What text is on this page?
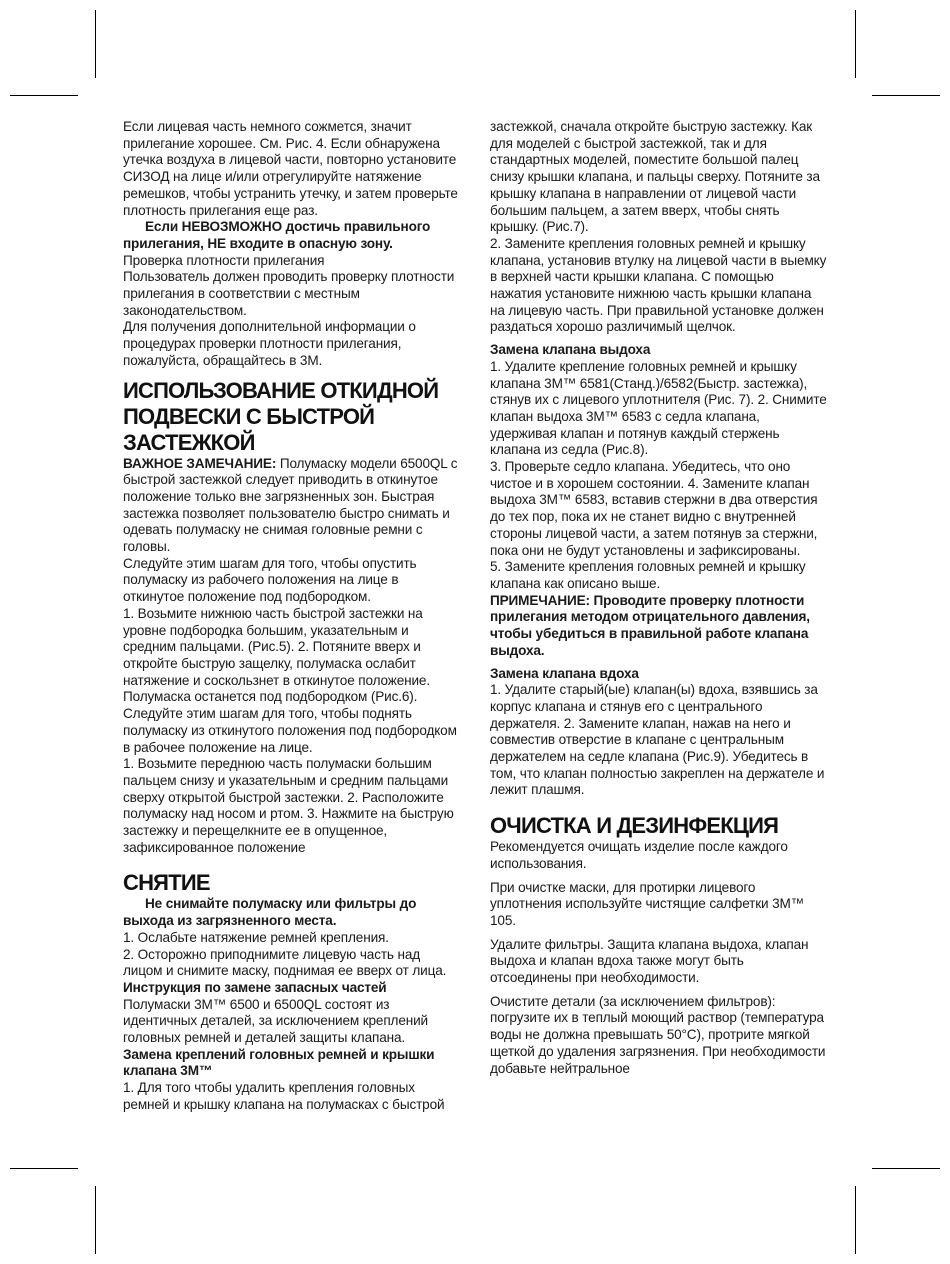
Если лицевая часть немного сожмется, значит прилегание хорошее. См. Рис. 4. Если обнаружена утечка воздуха в лицевой части, повторно установите СИЗОД на лице и/или отрегулируйте натяжение ремешков, чтобы устранить утечку, и затем проверьте плотность прилегания еще раз.

Если НЕВОЗМОЖНО достичь правильного прилегания, НЕ входите в опасную зону.

Проверка плотности прилегания

Пользователь должен проводить проверку плотности прилегания в соответствии с местным законодательством.

Для получения дополнительной информации о процедурах проверки плотности прилегания, пожалуйста, обращайтесь в 3М.

ИСПОЛЬЗОВАНИЕ ОТКИДНОЙ ПОДВЕСКИ С БЫСТРОЙ ЗАСТЕЖКОЙ

ВАЖНОЕ ЗАМЕЧАНИЕ: Полумаску модели 6500QL с быстрой застежкой следует приводить в откинутое положение только вне загрязненных зон. Быстрая застежка позволяет пользователю быстро снимать и одевать полумаску не снимая головные ремни с головы.

Следуйте этим шагам для того, чтобы опустить полумаску из рабочего положения на лице в откинутое положение под подбородком.

1. Возьмите нижнюю часть быстрой застежки на уровне подбородка большим, указательным и средним пальцами. (Рис.5). 2. Потяните вверх и откройте быструю защелку, полумаска ослабит натяжение и соскользнет в откинутое положение. Полумаска останется под подбородком (Рис.6).

Следуйте этим шагам для того, чтобы поднять полумаску из откинутого положения под подбородком в рабочее положение на лице.

1. Возьмите переднюю часть полумаски большим пальцем снизу и указательным и средним пальцами сверху открытой быстрой застежки. 2. Расположите полумаску над носом и ртом. 3. Нажмите на быструю застежку и перещелкните ее в опущенное, зафиксированное положение

СНЯТИЕ

Не снимайте полумаску или фильтры до выхода из загрязненного места.

1. Ослабьте натяжение ремней крепления.

2. Осторожно приподнимите лицевую часть над лицом и снимите маску, поднимая ее вверх от лица.

Инструкция по замене запасных частей

Полумаски 3М™ 6500 и 6500QL состоят из идентичных деталей, за исключением креплений головных ремней и деталей защиты клапана.

Замена креплений головных ремней и крышки клапана 3М™

1. Для того чтобы удалить крепления головных ремней и крышку клапана на полумасках с быстрой

застежкой, сначала откройте быструю застежку. Как для моделей с быстрой застежкой, так и для стандартных моделей, поместите большой палец снизу крышки клапана, и пальцы сверху. Потяните за крышку клапана в направлении от лицевой части большим пальцем, а затем вверх, чтобы снять крышку. (Рис.7).

2. Замените крепления головных ремней и крышку клапана, установив втулку на лицевой части в выемку в верхней части крышки клапана. С помощью нажатия установите нижнюю часть крышки клапана на лицевую часть. При правильной установке должен раздаться хорошо различимый щелчок.

Замена клапана выдоха

1. Удалите крепление головных ремней и крышку клапана 3М™ 6581(Станд.)/6582(Быстр. застежка), стянув их с лицевого уплотнителя (Рис. 7). 2. Снимите клапан выдоха 3М™ 6583 с седла клапана, удерживая клапан и потянув каждый стержень клапана из седла (Рис.8).

3. Проверьте седло клапана. Убедитесь, что оно чистое и в хорошем состоянии. 4. Замените клапан выдоха 3М™ 6583, вставив стержни в два отверстия до тех пор, пока их не станет видно с внутренней стороны лицевой части, а затем потянув за стержни, пока они не будут установлены и зафиксированы.

5. Замените крепления головных ремней и крышку клапана как описано выше.

ПРИМЕЧАНИЕ: Проводите проверку плотности прилегания методом отрицательного давления, чтобы убедиться в правильной работе клапана выдоха.

Замена клапана вдоха

1. Удалите старый(ые) клапан(ы) вдоха, взявшись за корпус клапана и стянув его с центрального держателя. 2. Замените клапан, нажав на него и совместив отверстие в клапане с центральным держателем на седле клапана (Рис.9). Убедитесь в том, что клапан полностью закреплен на держателе и лежит плашмя.

ОЧИСТКА И ДЕЗИНФЕКЦИЯ

Рекомендуется очищать изделие после каждого использования.

При очистке маски, для протирки лицевого уплотнения используйте чистящие салфетки 3М™ 105.

Удалите фильтры. Защита клапана выдоха, клапан выдоха и клапан вдоха также могут быть отсоединены при необходимости.

Очистите детали (за исключением фильтров): погрузите их в теплый моющий раствор (температура воды не должна превышать 50°C), протрите мягкой щеткой до удаления загрязнения. При необходимости добавьте нейтральное
